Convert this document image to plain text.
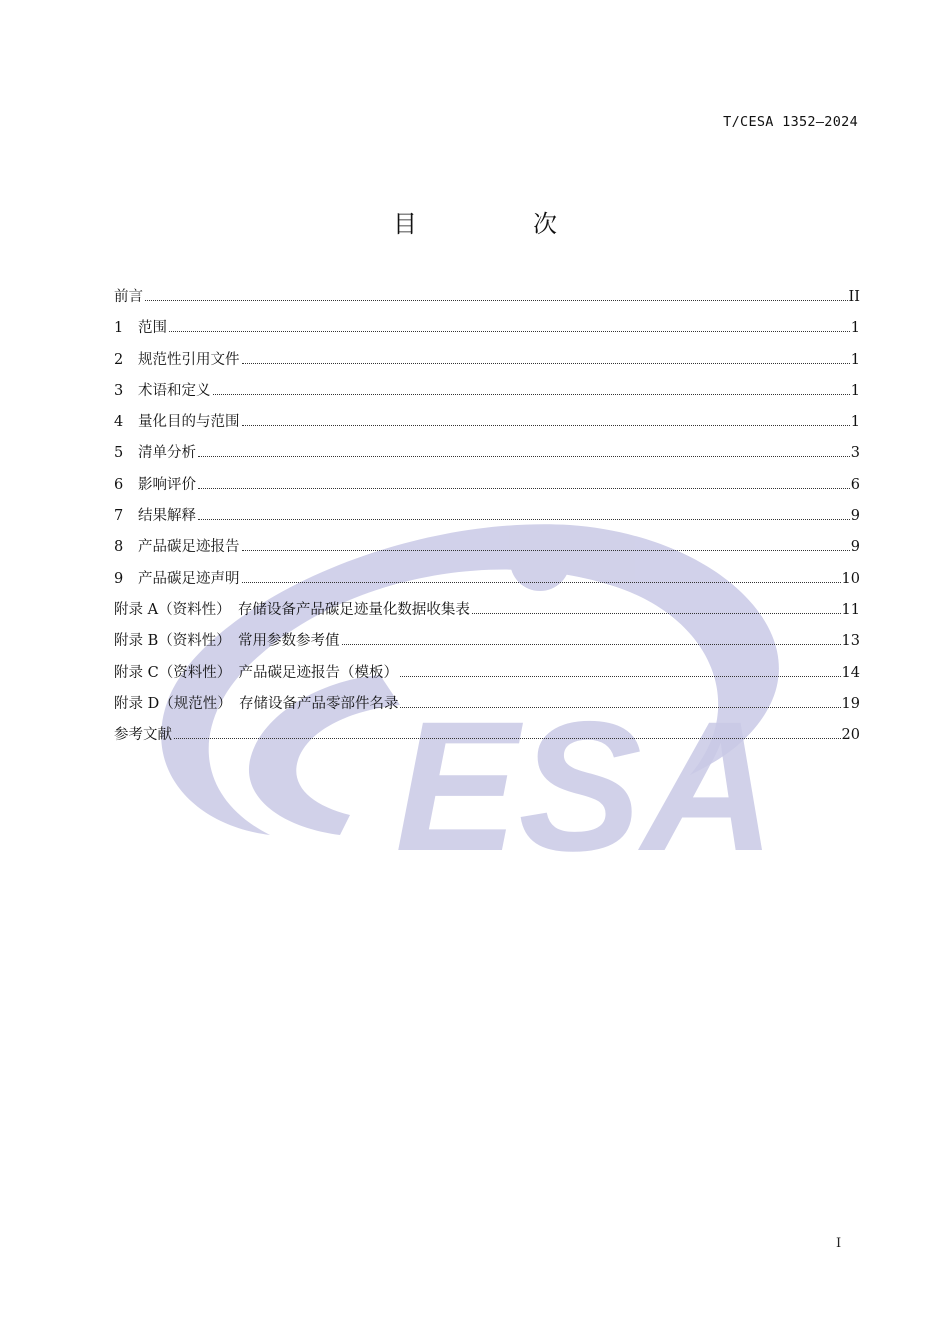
T/CESA 1352—2024
目　次
ESA
前言	II
1	范围	1
2	规范性引用文件	1
3	术语和定义	1
4	量化目的与范围	1
5	清单分析	3
6	影响评价	6
7	结果解释	9
8	产品碳足迹报告	9
9	产品碳足迹声明	10
附录 A（资料性）　存储设备产品碳足迹量化数据收集表	11
附录 B（资料性）　常用参数参考值	13
附录 C（资料性）　产品碳足迹报告（模板）	14
附录 D（规范性）　存储设备产品零部件名录	19
参考文献	20
I
